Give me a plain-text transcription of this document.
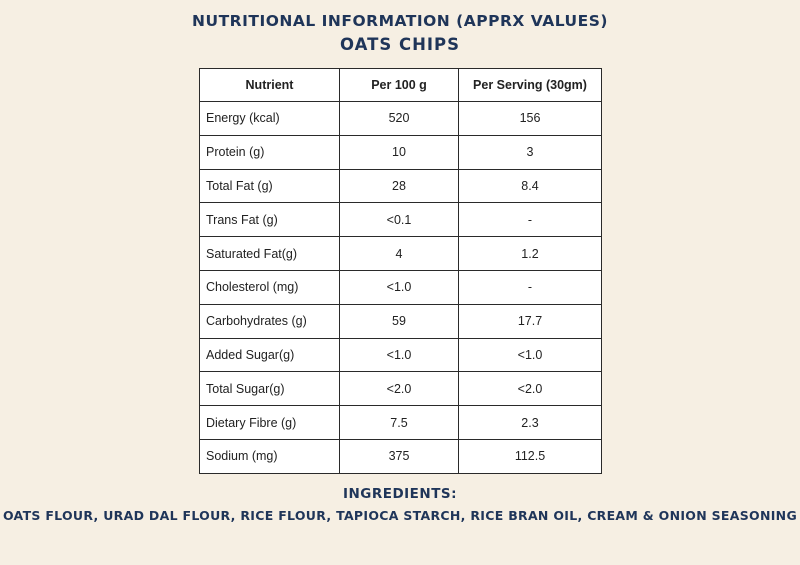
NUTRITIONAL INFORMATION (APPRX VALUES)
OATS CHIPS
Nutrient	Per 100 g	Per Serving (30gm)
Energy (kcal)	520	156
Protein (g)	10	3
Total Fat (g)	28	8.4
Trans Fat (g)	<0.1	-
Saturated Fat(g)	4	1.2
Cholesterol (mg)	<1.0	-
Carbohydrates (g)	59	17.7
Added Sugar(g)	<1.0	<1.0
Total Sugar(g)	<2.0	<2.0
Dietary Fibre (g)	7.5	2.3
Sodium (mg)	375	112.5
INGREDIENTS:
OATS FLOUR, URAD DAL FLOUR, RICE FLOUR, TAPIOCA STARCH, RICE BRAN OIL, CREAM & ONION SEASONING
